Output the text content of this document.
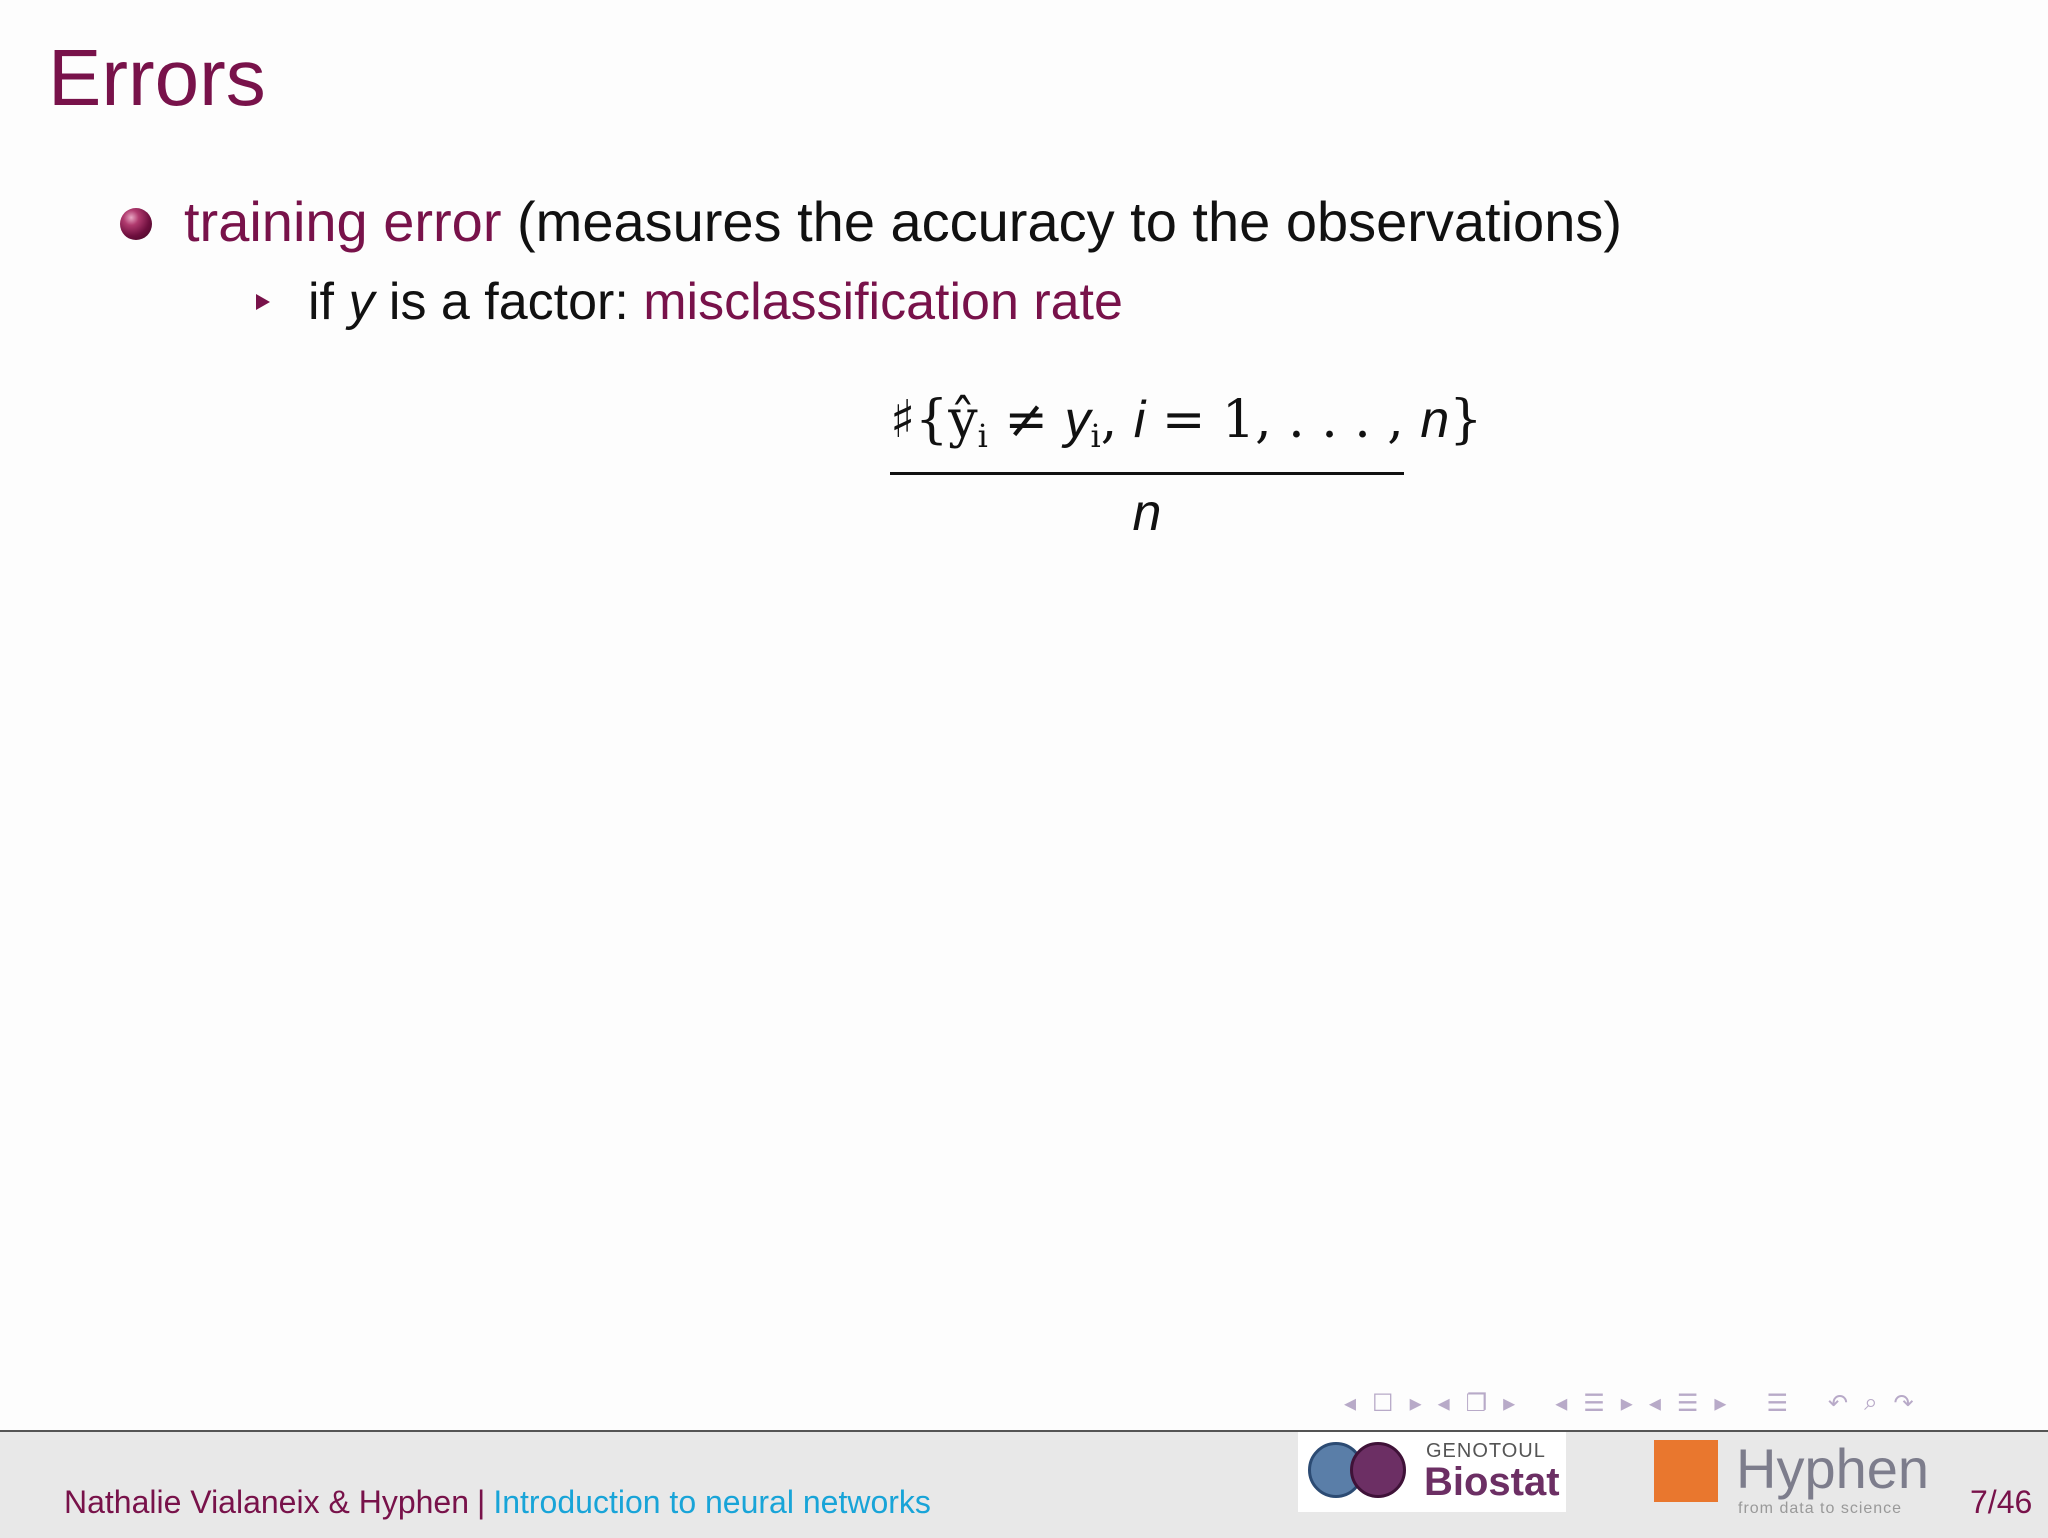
Errors
training error (measures the accuracy to the observations)
if y is a factor: misclassification rate
$♯\{ŷ_i \ne y_i$, i = 1, . . . , n}
n
◂ ☐ ▸ ◂ ❐ ▸ ◂ ☰ ▸ ◂ ☰ ▸ ☰ ↶ ⌕ ↷
Nathalie Vialaneix & Hyphen | Introduction to neural networks
GENOTOUL
Biostat	Hyphen
from data to science 7/46
